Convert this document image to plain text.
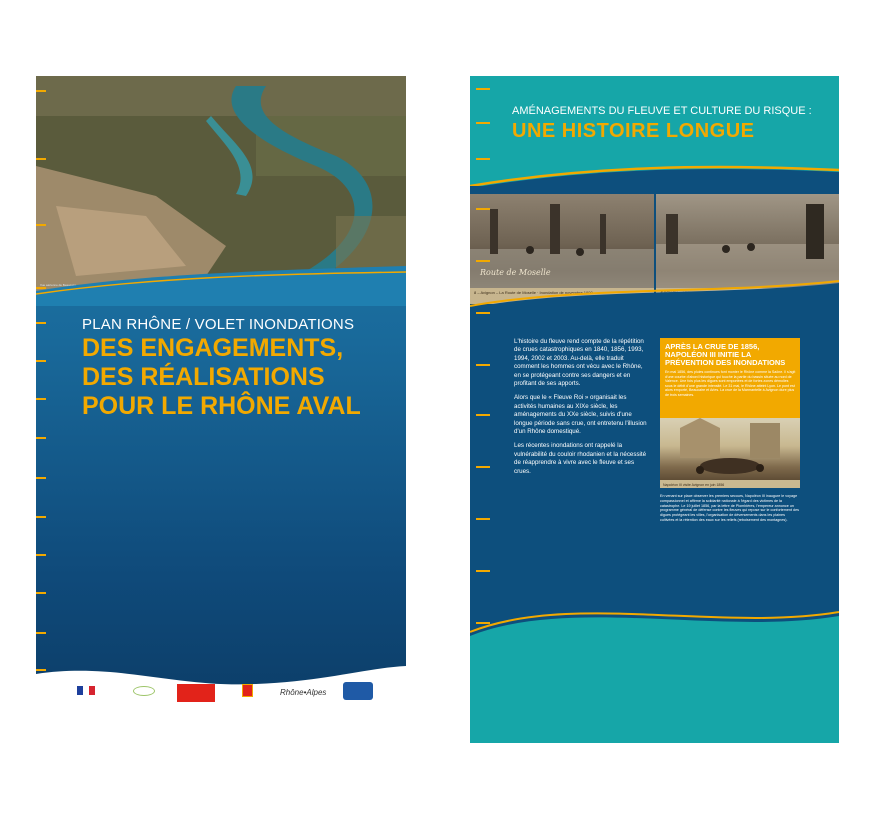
Vue aérienne de Beaucaire
PLAN RHÔNE / VOLET INONDATIONS
DES ENGAGEMENTS,
DES RÉALISATIONS
POUR LE RHÔNE AVAL
Rhône•Alpes
AMÉNAGEMENTS DU FLEUVE ET CULTURE DU RISQUE :
UNE HISTOIRE LONGUE
Route de Moselle
8 – Avignon – La Route de Moselle · Inondation de novembre 1900

L'histoire du fleuve rend compte de la répétition de crues catastrophiques en 1840, 1856, 1993, 1994, 2002 et 2003. Au-delà, elle traduit comment les hommes ont vécu avec le Rhône, en se protégeant contre ses dangers et en profitant de ses apports.

Alors que le « Fleuve Roi » organisait les activités humaines au XIXe siècle, les aménagements du XXe siècle, suivis d'une longue période sans crue, ont entretenu l'illusion d'un Rhône domestiqué.

Les récentes inondations ont rappelé la vulnérabilité du couloir rhodanien et la nécessité de réapprendre à vivre avec le fleuve et ses crues.

APRÈS LA CRUE DE 1856, NAPOLÉON III INITIE LA PRÉVENTION DES INONDATIONS
En mai 1856, des pluies continues font monter le Rhône comme la Saône. Il s'agit d'une courbe d'abord historique qui touche la partie du bassin située au nord de Valence. Une fois plus les digues sont emportées et de fortes zones démolies sous le débit d'une grande intensité. Le 31 mai, le Rhône atteint Lyon. Le pont est alors emporté, Beaucaire et Arles. La crue de la Marmantelle à Avignon dure plus de trois semaines.
Napoléon III visite Avignon en juin 1856
En venant sur place observer les premiers secours, Napoléon III inaugure le voyage compassionnel et affirme la solidarité nationale à l'égard des victimes de la catastrophe. Le 19 juillet 1856, par la lettre de Plombières, l'empereur annonce un programme général de défense contre les fleuves qui repose sur le confortement des digues protégeant les villes, l'organisation de déversements dans les plaines cultivées et la rétention des eaux sur les reliefs (reboisement des montagnes).
